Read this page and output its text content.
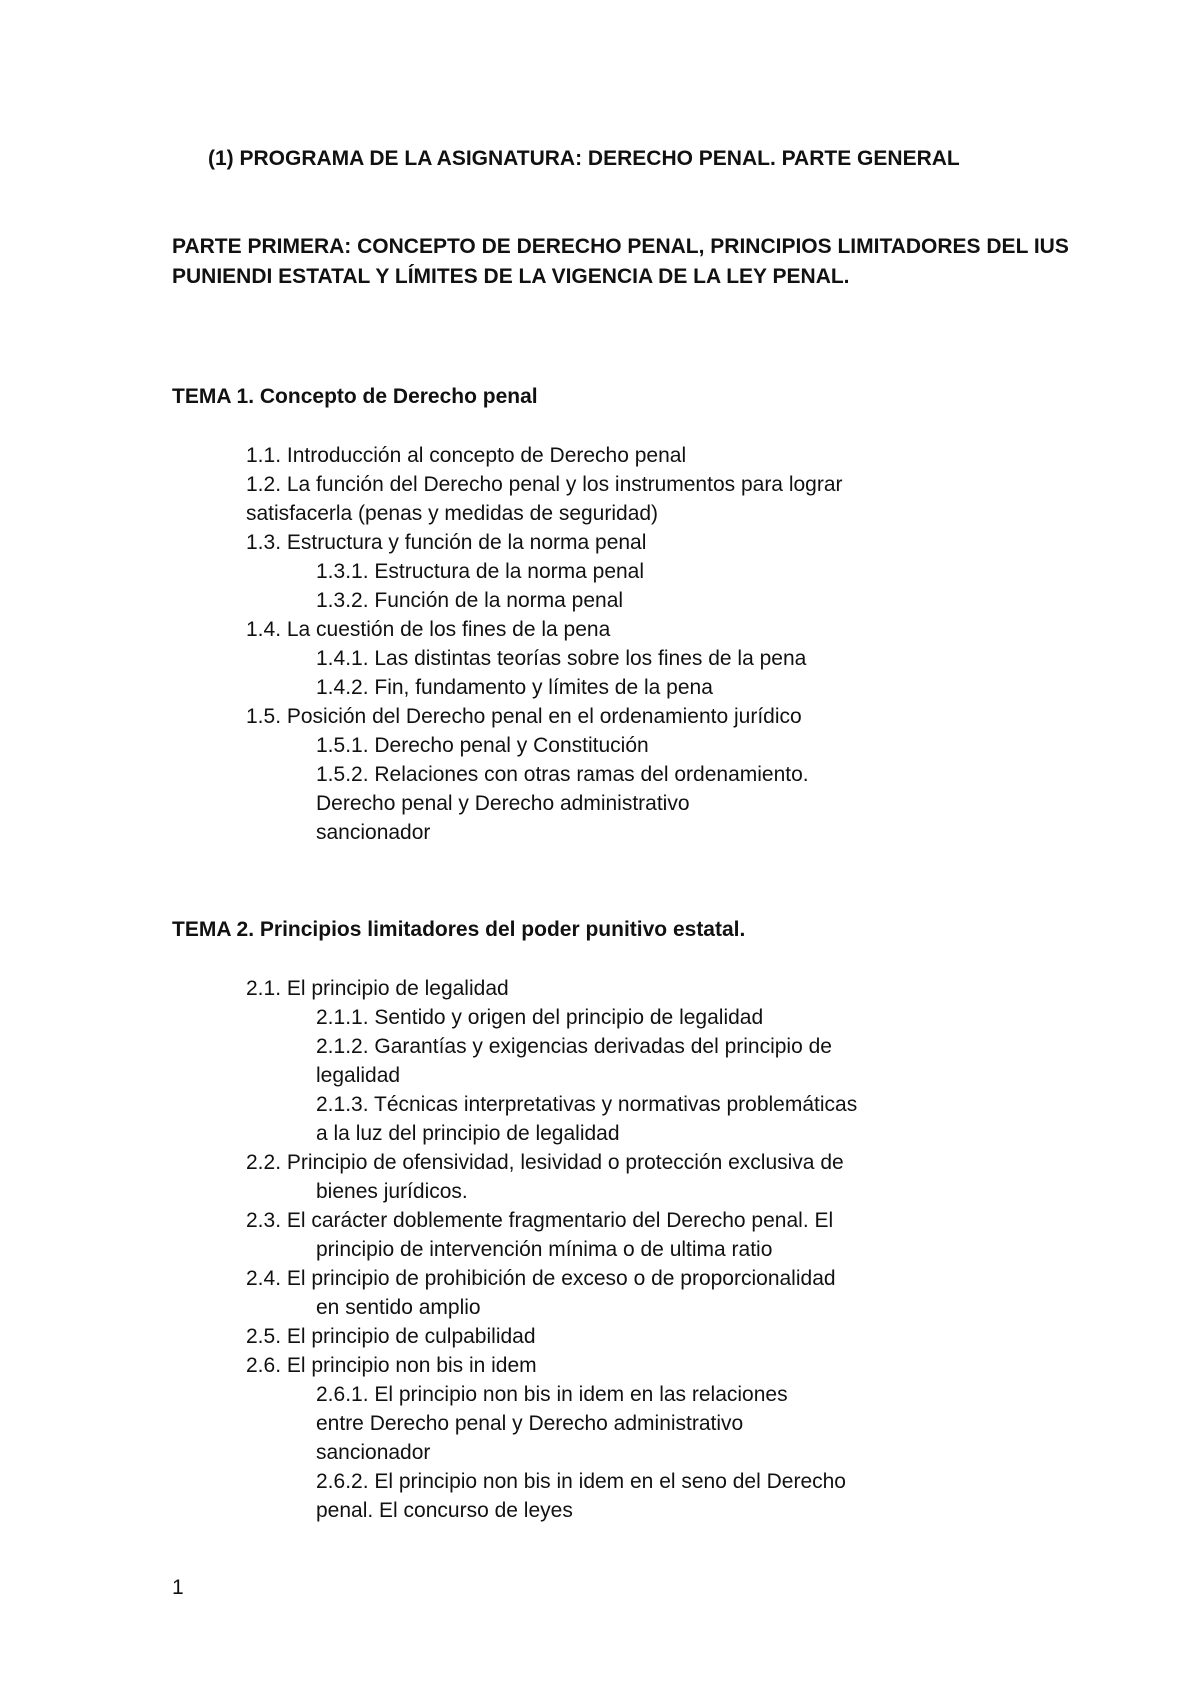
(1) PROGRAMA DE LA ASIGNATURA: DERECHO PENAL. PARTE GENERAL
PARTE PRIMERA: CONCEPTO DE DERECHO PENAL, PRINCIPIOS LIMITADORES DEL IUS
PUNIENDI ESTATAL Y LÍMITES DE LA VIGENCIA DE LA LEY PENAL.
TEMA 1. Concepto de Derecho penal
1.1. Introducción al concepto de Derecho penal
1.2. La función del Derecho penal y los instrumentos para lograr
satisfacerla (penas y medidas de seguridad)
1.3. Estructura y función de la norma penal
1.3.1. Estructura de la norma penal
1.3.2. Función de la norma penal
1.4. La cuestión de los fines de la pena
1.4.1. Las distintas teorías sobre los fines de la pena
1.4.2. Fin, fundamento y límites de la pena
1.5. Posición del Derecho penal en el ordenamiento jurídico
1.5.1. Derecho penal y Constitución
1.5.2. Relaciones con otras ramas del ordenamiento.
Derecho penal y Derecho administrativo
sancionador
TEMA 2. Principios limitadores del poder punitivo estatal.
2.1. El principio de legalidad
2.1.1. Sentido y origen del principio de legalidad
2.1.2. Garantías y exigencias derivadas del principio de
legalidad
2.1.3. Técnicas interpretativas y normativas problemáticas
a la luz del principio de legalidad
2.2. Principio de ofensividad, lesividad o protección exclusiva de
bienes jurídicos.
2.3. El carácter doblemente fragmentario del Derecho penal. El
principio de intervención mínima o de ultima ratio
2.4. El principio de prohibición de exceso o de proporcionalidad
en sentido amplio
2.5. El principio de culpabilidad
2.6. El principio non bis in idem
2.6.1. El principio non bis in idem en las relaciones
entre Derecho penal y Derecho administrativo
sancionador
2.6.2. El principio non bis in idem en el seno del Derecho
penal. El concurso de leyes
1
